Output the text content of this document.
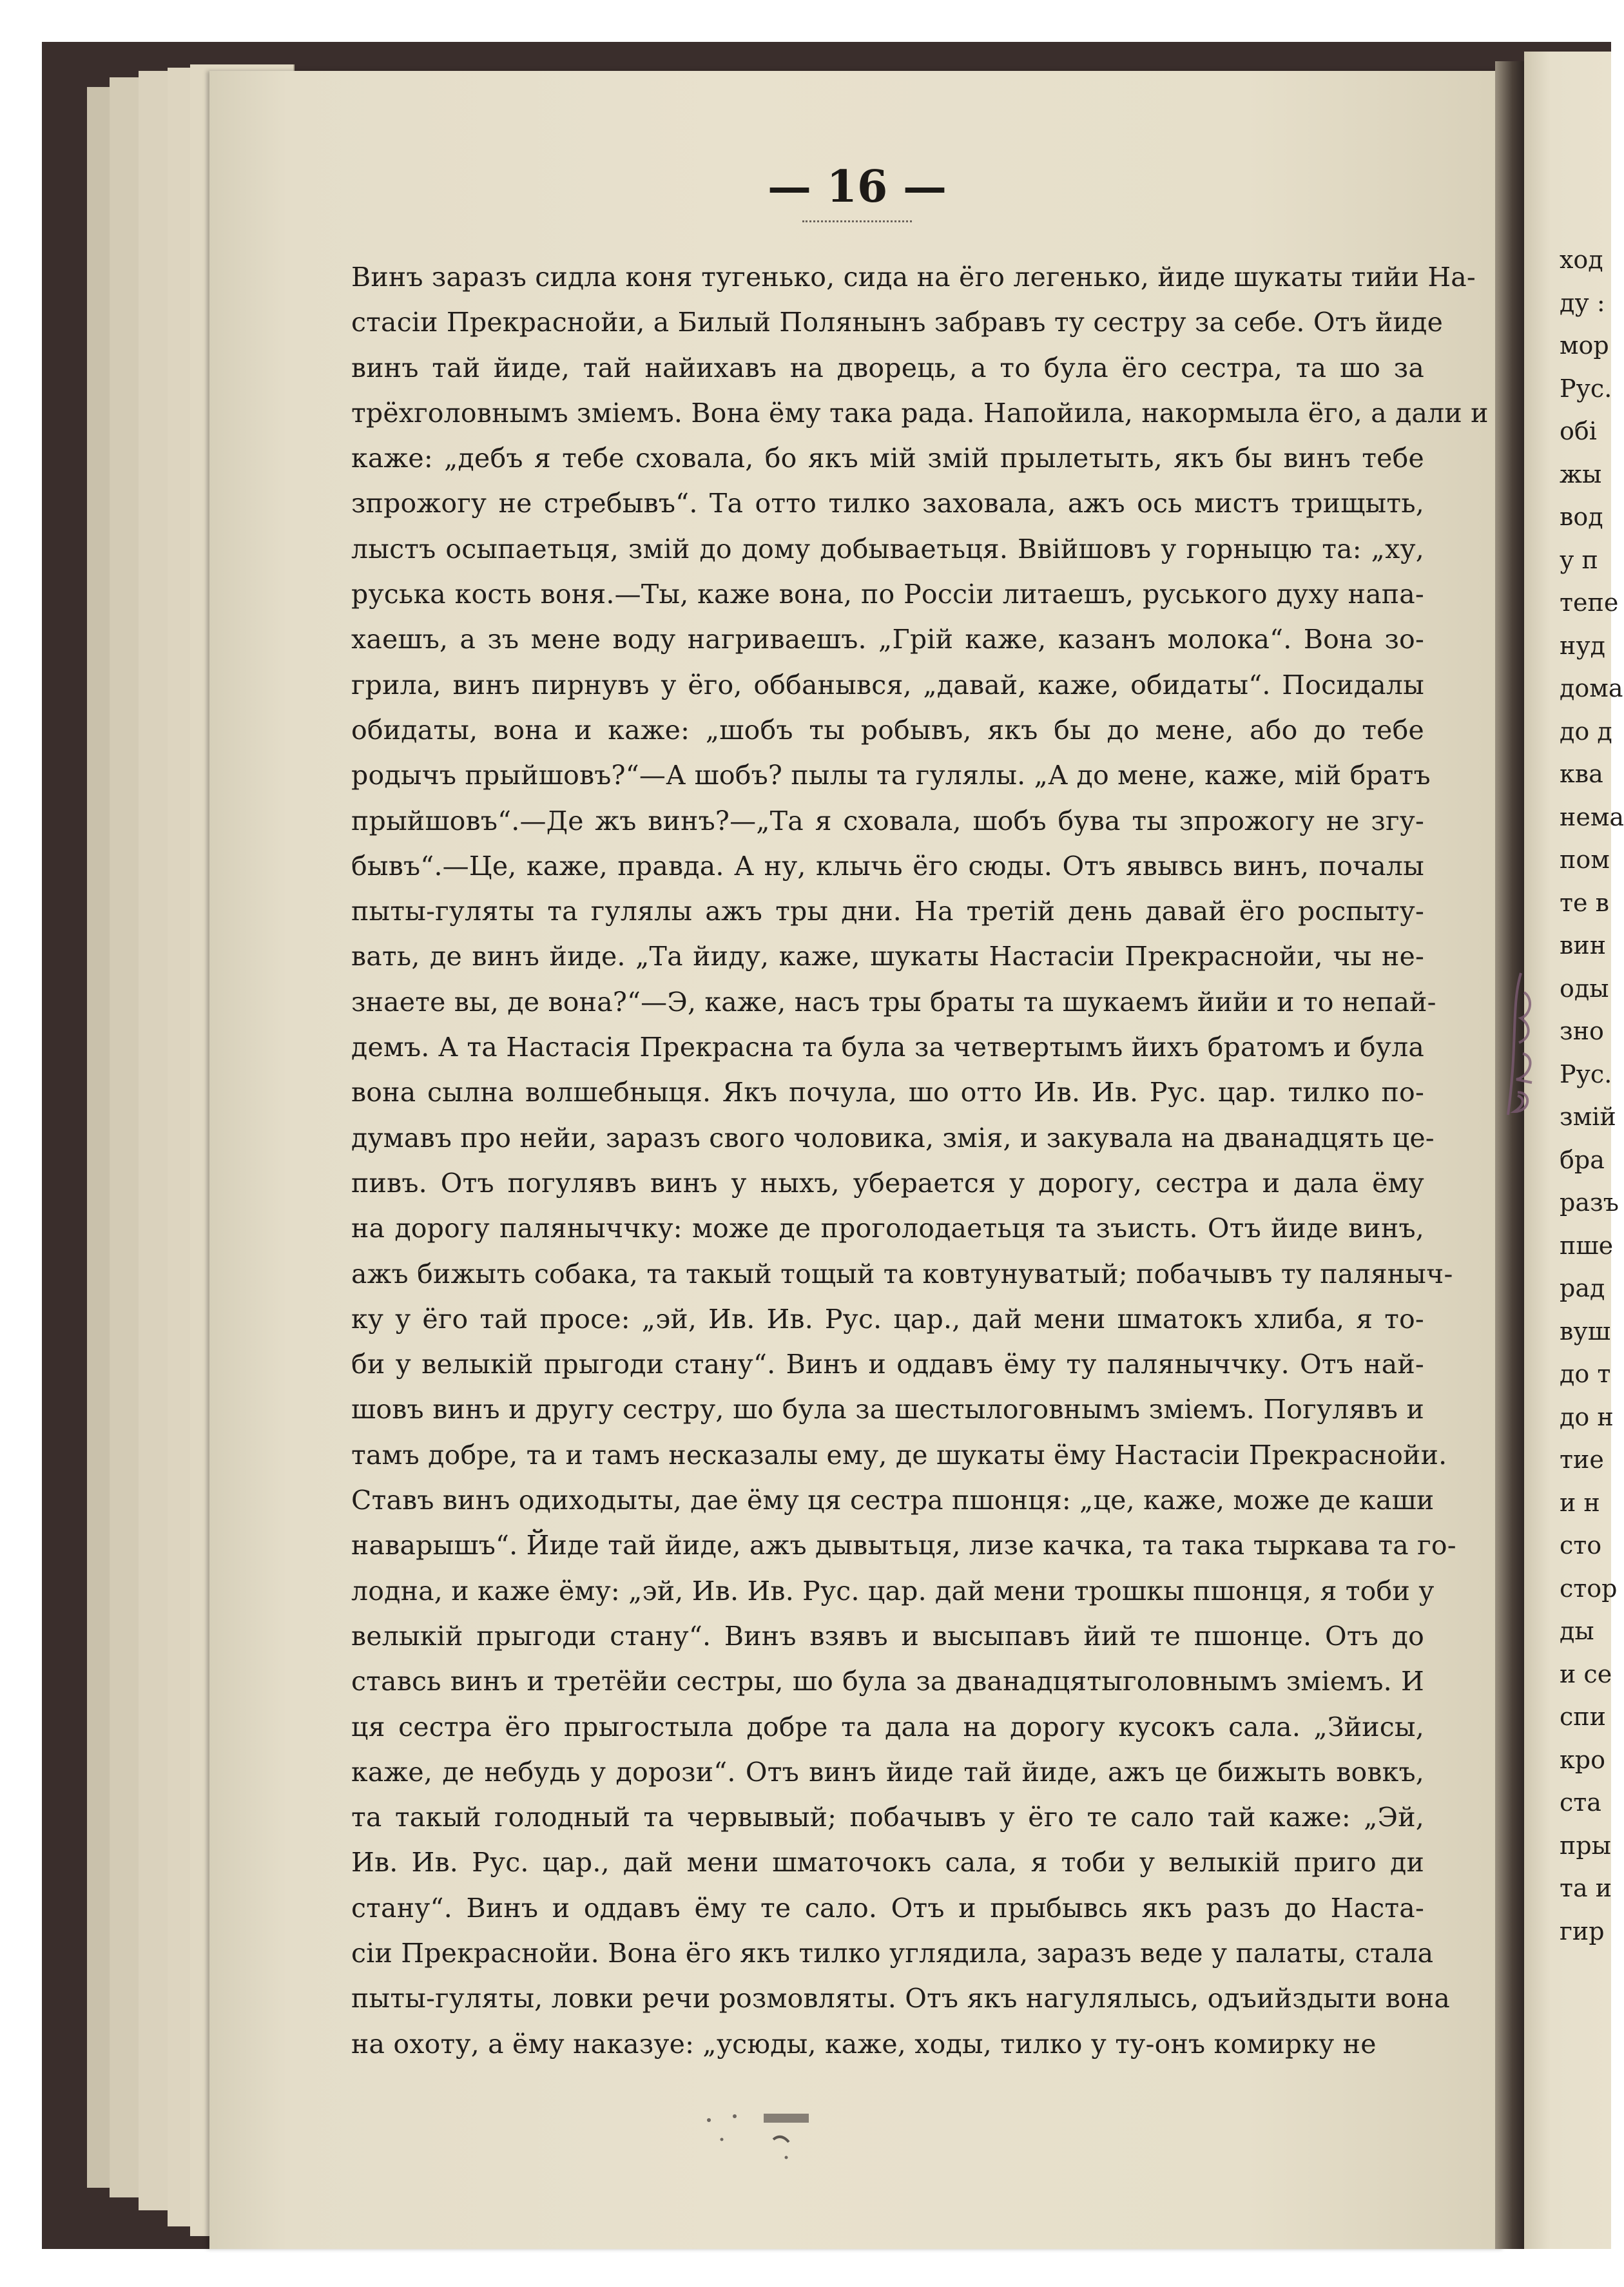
— 16 —
Винъ заразъ сидла коня тугенько, сида на ёго легенько, йиде шукаты тийи На-
стасіи Прекраснойи, а Билый Полянынъ забравъ ту сестру за себе. Отъ йиде
винъ тай йиде, тай найихавъ на дворець, а то була ёго сестра, та шо за
трёхголовнымъ зміемъ. Вона ёму така рада. Напойила, накормыла ёго, а дали и
каже: „дебъ я тебе сховала, бо якъ мій змій прылетыть, якъ бы винъ тебе
зпрожогу не стребывъ“. Та отто тилко заховала, ажъ ось мистъ трищыть,
лыстъ осыпаетьця, змій до дому добываетьця. Ввійшовъ у горныцю та: „ху,
руська кость воня.—Ты, каже вона, по Россіи литаешъ, руського духу напа-
хаешъ, а зъ мене воду нагриваешъ. „Грій каже, казанъ молока“. Вона зо-
грила, винъ пирнувъ у ёго, оббанывся, „давай, каже, обидаты“. Посидалы
обидаты, вона и каже: „шобъ ты робывъ, якъ бы до мене, або до тебе
родычъ прыйшовъ?“—А шобъ? пылы та гулялы. „А до мене, каже, мій братъ
прыйшовъ“.—Де жъ винъ?—„Та я сховала, шобъ бува ты зпрожогу не згу-
бывъ“.—Це, каже, правда. А ну, клычь ёго сюды. Отъ явывсь винъ, почалы
пыты-гуляты та гулялы ажъ тры дни. На третій день давай ёго роспыту-
вать, де винъ йиде. „Та йиду, каже, шукаты Настасіи Прекраснойи, чы не-
знаете вы, де вона?“—Э, каже, насъ тры браты та шукаемъ йийи и то непай-
демъ. А та Настасія Прекрасна та була за четвертымъ йихъ братомъ и була
вона сылна волшебныця. Якъ почула, шо отто Ив. Ив. Рус. цар. тилко по-
думавъ про нейи, заразъ свого чоловика, змія, и закувала на дванадцять це-
пивъ. Отъ погулявъ винъ у ныхъ, уберается у дорогу, сестра и дала ёму
на дорогу паляныччку: може де проголодаетьця та зъисть. Отъ йиде винъ,
ажъ бижыть собака, та такый тощый та ковтунуватый; побачывъ ту паляныч-
ку у ёго тай просе: „эй, Ив. Ив. Рус. цар., дай мени шматокъ хлиба, я то-
би у велыкій прыгоди стану“. Винъ и оддавъ ёму ту паляныччку. Отъ най-
шовъ винъ и другу сестру, шо була за шестылоговнымъ зміемъ. Погулявъ и
тамъ добре, та и тамъ несказалы ему, де шукаты ёму Настасіи Прекраснойи.
Ставъ винъ одиходыты, дае ёму ця сестра пшонця: „це, каже, може де каши
наварышъ“. Йиде тай йиде, ажъ дывытьця, лизе качка, та така тыркава та го-
лодна, и каже ёму: „эй, Ив. Ив. Рус. цар. дай мени трошкы пшонця, я тоби у
велыкій прыгоди стану“. Винъ взявъ и высыпавъ йий те пшонце. Отъ до
ставсь винъ и третёйи сестры, шо була за дванадцятыголовнымъ зміемъ. И
ця сестра ёго прыгостыла добре та дала на дорогу кусокъ сала. „Зйисы,
каже, де небудь у дорози“. Отъ винъ йиде тай йиде, ажъ це бижыть вовкъ,
та такый голодный та червывый; побачывъ у ёго те сало тай каже: „Эй,
Ив. Ив. Рус. цар., дай мени шматочокъ сала, я тоби у велыкій приго ди
стану“. Винъ и оддавъ ёму те сало. Отъ и прыбывсь якъ разъ до Наста-
сіи Прекраснойи. Вона ёго якъ тилко углядила, заразъ веде у палаты, стала
пыты-гуляты, ловки речи розмовляты. Отъ якъ нагулялысь, одъийздыти вона
на охоту, а ёму наказуе: „усюды, каже, ходы, тилко у ту-онъ комирку не
ход
ду :
мор
Рус.
обі
жы
вод
у п
тепе
нуд
дома
до д
ква
нема
пом
те в
вин
оды
зно
Рус.
змій
бра
разъ
пше
рад
вуш
до т
до н
тие
и н
сто
стор
ды
и се
спи
кро
ста
пры
та и
гир
